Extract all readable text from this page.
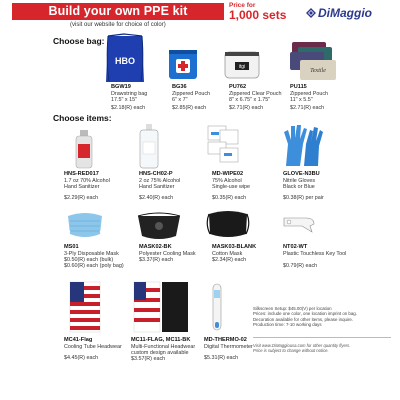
Build your own PPE kit	Price for
1,000 sets
(visit our website for choice of color)
DiMaggio
Choose bag:
HBO
itgi
Textile
BGW19
Drawstring bag
17.5" x 15"
$2.18(R) each
BG36
Zippered Pouch
6" x 7"
$2.85(R) each
PU762
Zippered Clear Pouch
8" x 6.75" x 1.75"
$2.71(R) each
PU115
Zippered Pouch
11" x 5.5"
$2.71(R) each
Choose items:
HNS-RED017
1.7 oz 70% Alcohol
Hand Sanitizer
$2.29(R) each
HNS-CH02-P
2 oz 75% Alcohol
Hand Sanitizer
$2.40(R) each
MD-WIPE02
75% Alcohol
Single-use wipe
$0.35(R) each
GLOVE-N3BU
Nitrile Gloves
Black or Blue
$0.38(R) per pair
MS01
3-Ply Disposable Mask
$0.50(R) each (bulk)
$0.60(R) each (poly bag)
MASK02-BK
Polyester Cooling Mask
$3.37(R) each
MASK03-BLANK
Cotton Mask
$2.34(R) each
NT02-WT
Plastic Touchless Key Tool
$0.79(R) each
MC41-Flag
Cooling Tube Headwear
$4.45(R) each
MC11-FLAG, MC11-BK
Multi-Functional Headwear
custom design available
$3.57(R) each
MD-THERMO-02
Digital Thermometer
$5.31(R) each
Silkscreen Setup: $45.00(V) per location
Prices: include one color, one location imprint on bag.
Decoration available for other items, please inquire.
Production time: 7-10 working days
Visit www.DiMaggiousa.com for other quantity flyers.
Price is subject to change without notice.
